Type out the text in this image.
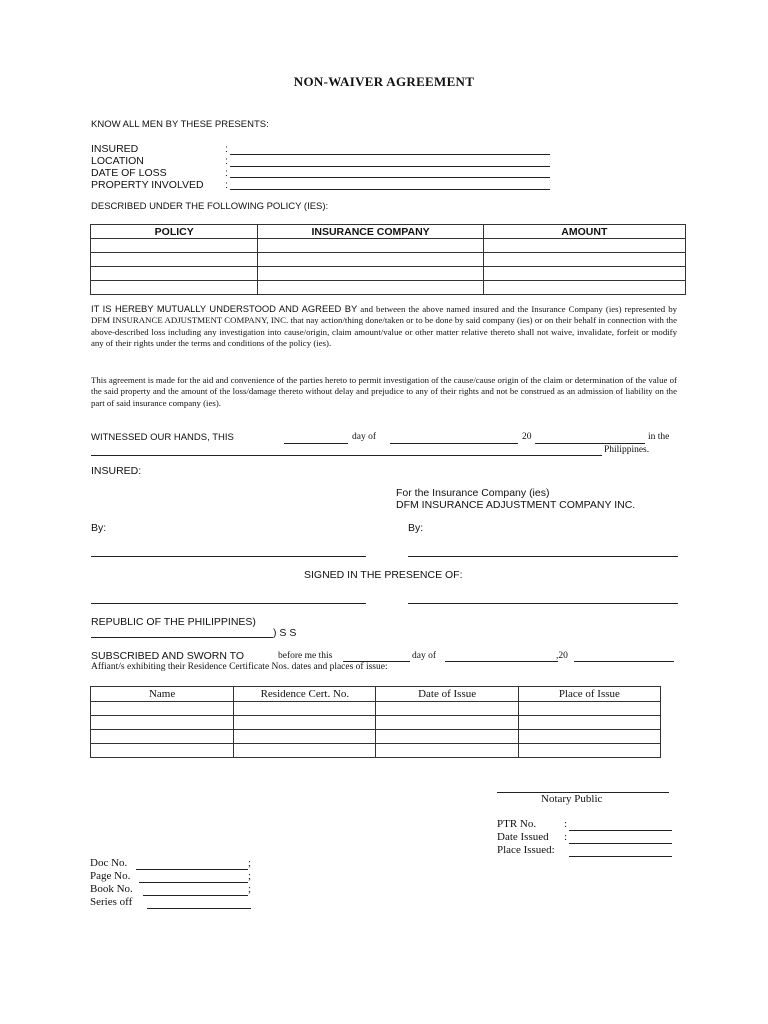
NON-WAIVER AGREEMENT
KNOW ALL MEN BY THESE PRESENTS:
INSURED	:
LOCATION	:
DATE OF LOSS	:
PROPERTY INVOLVED :
DESCRIBED UNDER THE FOLLOWING POLICY (IES):
POLICY	INSURANCE COMPANY	AMOUNT

IT IS HEREBY MUTUALLY UNDERSTOOD AND AGREED BY and between the above named insured and the Insurance Company (ies) represented by DFM INSURANCE ADJUSTMENT COMPANY, INC. that nay action/thing done/taken or to be done by said company (ies) or on their behalf in connection with the above-described loss including any investigation into cause/origin, claim amount/value or other matter relative thereto shall not waive, invalidate, forfeit or modify any of their rights under the terms and conditions of the policy (ies).
This agreement is made for the aid and convenience of the parties hereto to permit investigation of the cause/cause origin of the claim or determination of the value of the said property and the amount of the loss/damage thereto without delay and prejudice to any of their rights and not be construed as an admission of liability on the part of said insurance company (ies).
WITNESSED OUR HANDS, THIS	day of	20	in the
Philippines.
INSURED:
For the Insurance Company (ies)
DFM INSURANCE ADJUSTMENT COMPANY INC.
By:	By:
SIGNED IN THE PRESENCE OF:
REPUBLIC OF THE PHILIPPINES)
) S S
SUBSCRIBED AND SWORN TO	before me this	day of	,20
Affiant/s exhibiting their Residence Certificate Nos. dates and places of issue:
Name	Residence Cert. No.	Date of Issue	Place of Issue

Notary Public
PTR No.	:
Date Issued :
Place Issued:
Doc No.	;
Page No.	;
Book No.	;
Series off
